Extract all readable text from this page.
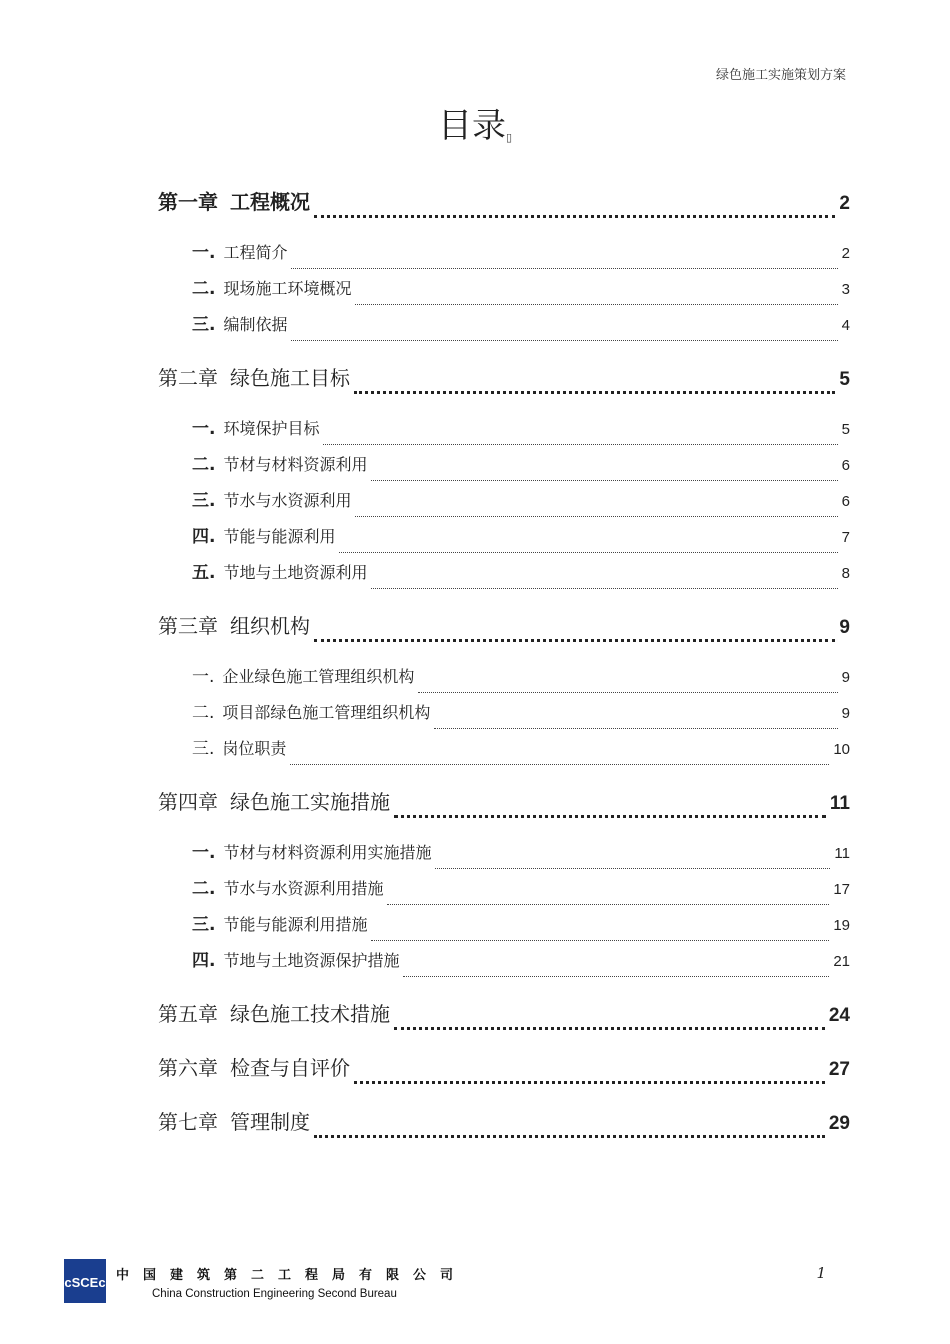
绿色施工实施策划方案
目录▯
第一章 工程概况	2
一. 工程简介	2
二. 现场施工环境概况	3
三. 编制依据	4
第二章 绿色施工目标	5
一. 环境保护目标	5
二. 节材与材料资源利用	6
三. 节水与水资源利用	6
四. 节能与能源利用	7
五. 节地与土地资源利用	8
第三章 组织机构	9
一. 企业绿色施工管理组织机构	9
二. 项目部绿色施工管理组织机构	9
三. 岗位职责	10
第四章 绿色施工实施措施	11
一. 节材与材料资源利用实施措施	11
二. 节水与水资源利用措施	17
三. 节能与能源利用措施	19
四. 节地与土地资源保护措施	21
第五章 绿色施工技术措施	24
第六章 检查与自评价	27
第七章 管理制度	29
cSCEc 中国建筑第二工程局有限公司
China Construction Engineering Second Bureau
1
